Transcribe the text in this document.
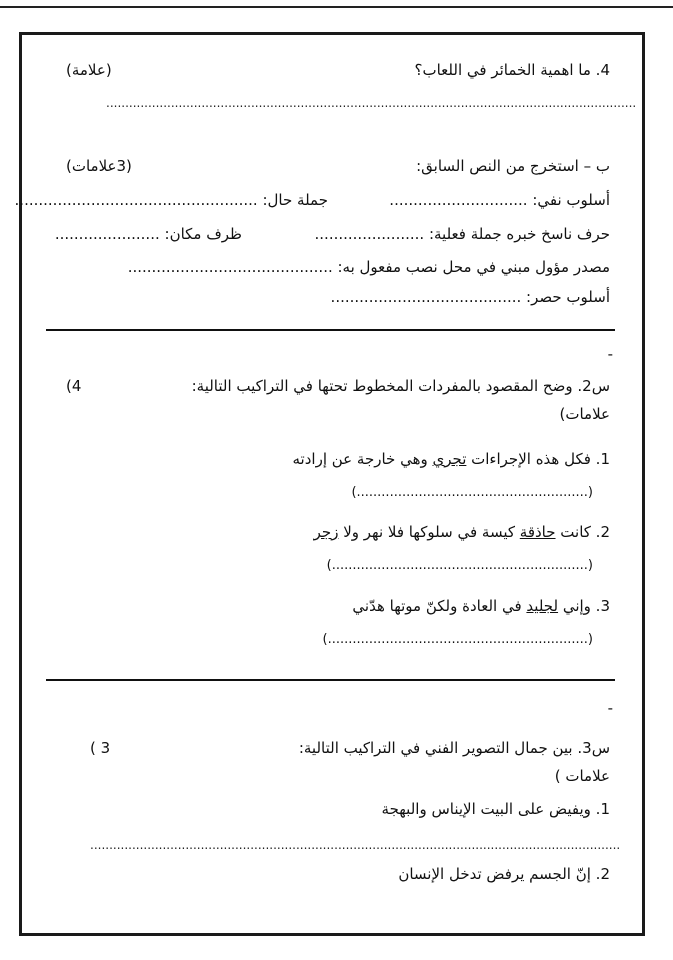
4. ما اهمية الخمائر في اللعاب؟
(علامة)
...........................................................................................................................................
ب – استخرج من النص السابق:
(3علامات)
أسلوب نفي: .............................
جملة حال: ...................................................
حرف ناسخ خبره جملة فعلية: .......................
ظرف مكان: ......................
مصدر مؤول مبني في محل نصب مفعول به: ...........................................
أسلوب حصر: ........................................
-
س2. وضح المقصود بالمفردات المخطوط تحتها في التراكيب التالية:
(4
علامات)
1. فكل هذه الإجراءات تجري وهي خارجة عن إرادته
(........................................................)
2. كانت حاذقة كيسة في سلوكها فلا نهر ولا زجر
(..............................................................)
3. وإني لجليد في العادة ولكنّ موتها هدّني
(...............................................................)
-
س3. بين جمال التصوير الفني في التراكيب التالية:
( 3
علامات )
1. ويفيض على البيت الإيناس والبهجة
...........................................................................................................................................
2. إنّ الجسم يرفض تدخل الإنسان
